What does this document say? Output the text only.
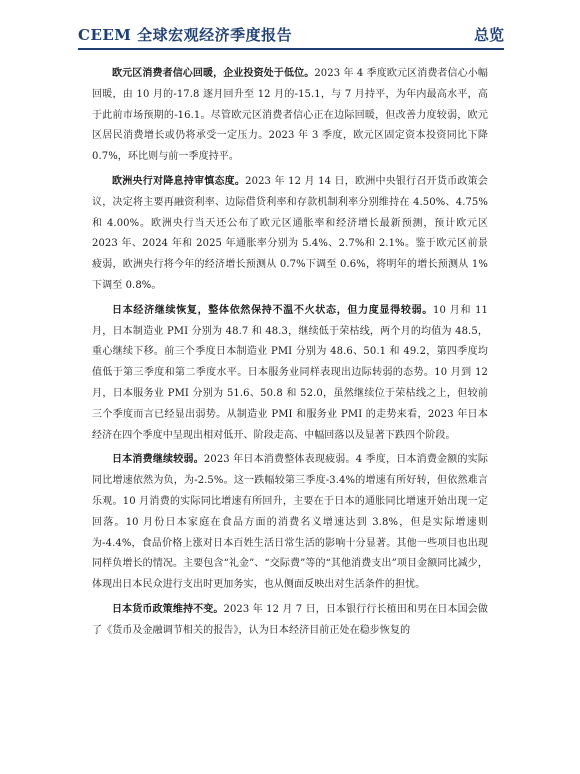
CEEM 全球宏观经济季度报告	总览

欧元区消费者信心回暖，企业投资处于低位。2023 年 4 季度欧元区消费者信心小幅回暖，由 10 月的-17.8 逐月回升至 12 月的-15.1，与 7 月持平，为年内最高水平，高于此前市场预期的-16.1。尽管欧元区消费者信心正在边际回暖，但改善力度较弱，欧元区居民消费增长或仍将承受一定压力。2023 年 3 季度，欧元区固定资本投资同比下降 0.7%，环比则与前一季度持平。

欧洲央行对降息持审慎态度。2023 年 12 月 14 日，欧洲中央银行召开货币政策会议，决定将主要再融资利率、边际借贷利率和存款机制利率分别维持在 4.50%、4.75%和 4.00%。欧洲央行当天还公布了欧元区通胀率和经济增长最新预测，预计欧元区 2023 年、2024 年和 2025 年通胀率分别为 5.4%、2.7%和 2.1%。鉴于欧元区前景疲弱，欧洲央行将今年的经济增长预测从 0.7%下调至 0.6%，将明年的增长预测从 1%下调至 0.8%。

日本经济继续恢复，整体依然保持不温不火状态，但力度显得较弱。10 月和 11 月，日本制造业 PMI 分别为 48.7 和 48.3，继续低于荣枯线，两个月的均值为 48.5，重心继续下移。前三个季度日本制造业 PMI 分别为 48.6、50.1 和 49.2，第四季度均值低于第三季度和第二季度水平。日本服务业同样表现出边际转弱的态势。10 月到 12 月，日本服务业 PMI 分别为 51.6、50.8 和 52.0，虽然继续位于荣枯线之上，但较前三个季度而言已经显出弱势。从制造业 PMI 和服务业 PMI 的走势来看，2023 年日本经济在四个季度中呈现出相对低开、阶段走高、中幅回落以及显著下跌四个阶段。

日本消费继续较弱。2023 年日本消费整体表现疲弱。4 季度，日本消费金额的实际同比增速依然为负，为-2.5%。这一跌幅较第三季度-3.4%的增速有所好转，但依然难言乐观。10 月消费的实际同比增速有所回升，主要在于日本的通胀同比增速开始出现一定回落。10 月份日本家庭在食品方面的消费名义增速达到 3.8%，但是实际增速则为-4.4%，食品价格上涨对日本百姓生活日常生活的影响十分显著。其他一些项目也出现同样负增长的情况。主要包含“礼金”、“交际费”等的“其他消费支出”项目金额同比减少，体现出日本民众进行支出时更加务实，也从侧面反映出对生活条件的担忧。

日本货币政策维持不变。2023 年 12 月 7 日，日本银行行长植田和男在日本国会做了《货币及金融调节相关的报告》，认为日本经济目前正处在稳步恢复的
